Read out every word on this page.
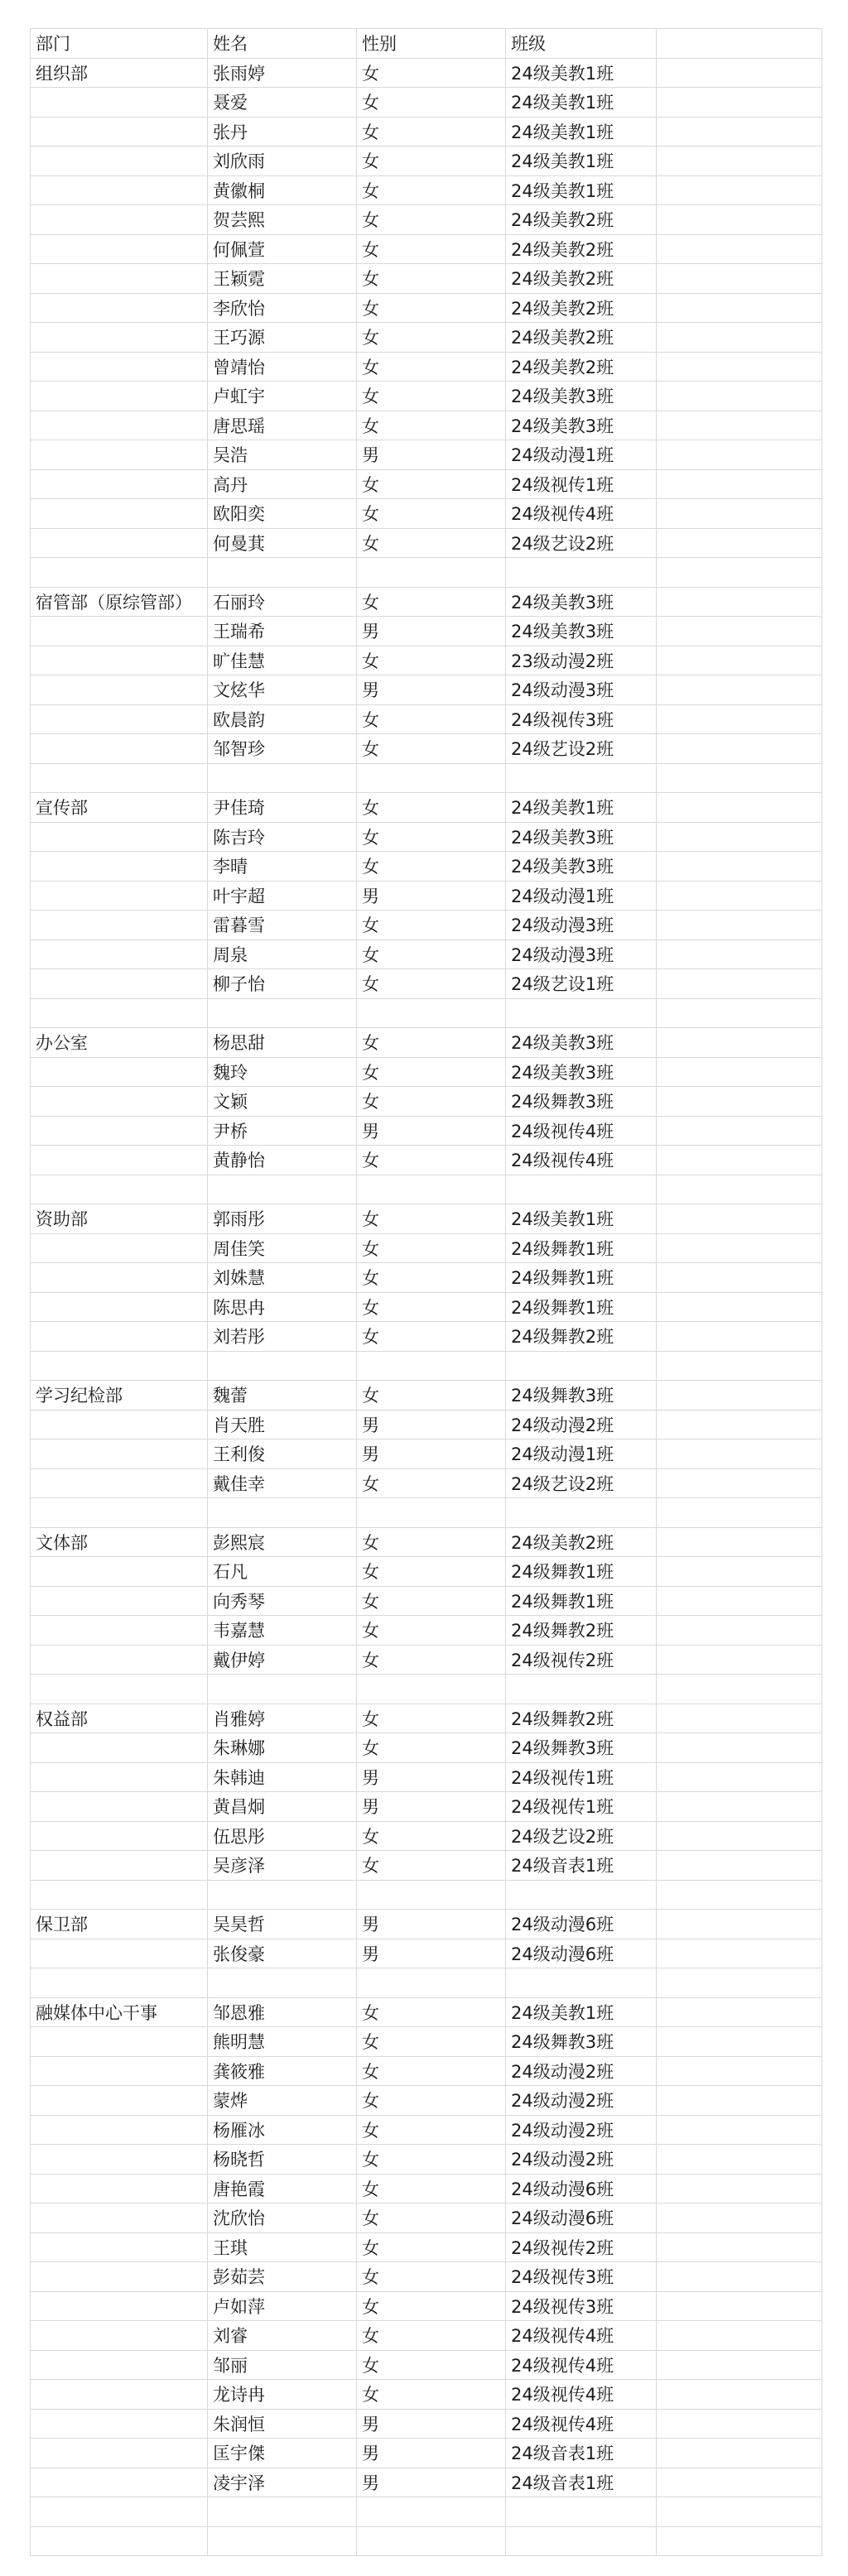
部门	姓名	性别	班级	
组织部	张雨婷	女	24级美教1班	
	聂爱	女	24级美教1班	
	张丹	女	24级美教1班	
	刘欣雨	女	24级美教1班	
	黄徽桐	女	24级美教1班	
	贺芸熙	女	24级美教2班	
	何佩萱	女	24级美教2班	
	王颖霓	女	24级美教2班	
	李欣怡	女	24级美教2班	
	王巧源	女	24级美教2班	
	曾靖怡	女	24级美教2班	
	卢虹宇	女	24级美教3班	
	唐思瑶	女	24级美教3班	
	吴浩	男	24级动漫1班	
	高丹	女	24级视传1班	
	欧阳奕	女	24级视传4班	
	何曼萁	女	24级艺设2班	

宿管部（原综管部）	石丽玲	女	24级美教3班	
	王瑞希	男	24级美教3班	
	旷佳慧	女	23级动漫2班	
	文炫华	男	24级动漫3班	
	欧晨韵	女	24级视传3班	
	邹智珍	女	24级艺设2班	

宣传部	尹佳琦	女	24级美教1班	
	陈吉玲	女	24级美教3班	
	李晴	女	24级美教3班	
	叶宇超	男	24级动漫1班	
	雷暮雪	女	24级动漫3班	
	周泉	女	24级动漫3班	
	柳子怡	女	24级艺设1班	

办公室	杨思甜	女	24级美教3班	
	魏玲	女	24级美教3班	
	文颖	女	24级舞教3班	
	尹桥	男	24级视传4班	
	黄静怡	女	24级视传4班	

资助部	郭雨彤	女	24级美教1班	
	周佳笑	女	24级舞教1班	
	刘姝慧	女	24级舞教1班	
	陈思冉	女	24级舞教1班	
	刘若彤	女	24级舞教2班	

学习纪检部	魏蕾	女	24级舞教3班	
	肖天胜	男	24级动漫2班	
	王利俊	男	24级动漫1班	
	戴佳幸	女	24级艺设2班	

文体部	彭熙宸	女	24级美教2班	
	石凡	女	24级舞教1班	
	向秀琴	女	24级舞教1班	
	韦嘉慧	女	24级舞教2班	
	戴伊婷	女	24级视传2班	

权益部	肖雅婷	女	24级舞教2班	
	朱琳娜	女	24级舞教3班	
	朱韩迪	男	24级视传1班	
	黄昌炯	男	24级视传1班	
	伍思彤	女	24级艺设2班	
	吴彦泽	女	24级音表1班	

保卫部	吴昊哲	男	24级动漫6班	
	张俊豪	男	24级动漫6班	

融媒体中心干事	邹恩雅	女	24级美教1班	
	熊明慧	女	24级舞教3班	
	龚筱雅	女	24级动漫2班	
	蒙烨	女	24级动漫2班	
	杨雁冰	女	24级动漫2班	
	杨晓哲	女	24级动漫2班	
	唐艳霞	女	24级动漫6班	
	沈欣怡	女	24级动漫6班	
	王琪	女	24级视传2班	
	彭茹芸	女	24级视传3班	
	卢如萍	女	24级视传3班	
	刘睿	女	24级视传4班	
	邹丽	女	24级视传4班	
	龙诗冉	女	24级视传4班	
	朱润恒	男	24级视传4班	
	匡宇傑	男	24级音表1班	
	凌宇泽	男	24级音表1班	
